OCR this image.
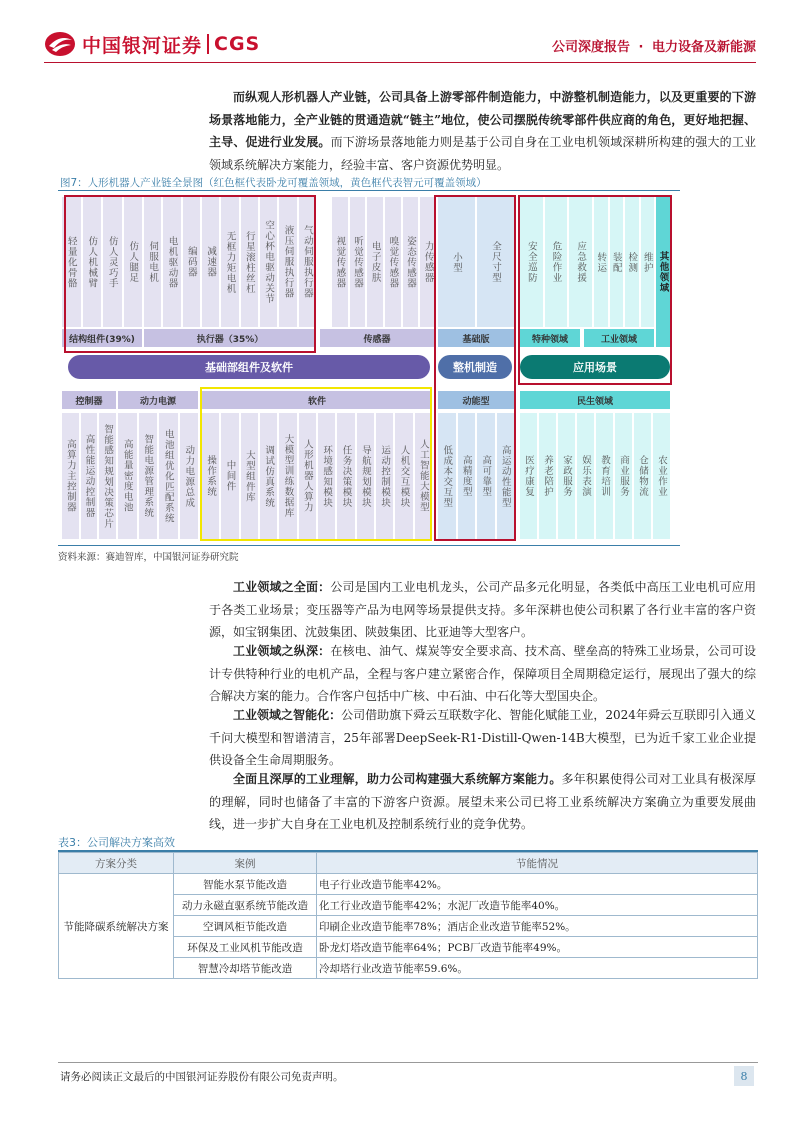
中国银河证券 CGS	公司深度报告 · 电力设备及新能源
而纵观人形机器人产业链，公司具备上游零部件制造能力，中游整机制造能力，以及更重要的下游场景落地能力，全产业链的贯通造就“链主”地位，使公司摆脱传统零部件供应商的角色，更好地把握、主导、促进行业发展。而下游场景落地能力则是基于公司自身在工业电机领域深耕所构建的强大的工业领域系统解决方案能力，经验丰富、客户资源优势明显。
图7：人形机器人产业链全景图（红色框代表卧龙可覆盖领域，黄色框代表智元可覆盖领域）
轻量化骨骼	仿人机械臂	仿人灵巧手	仿人腿足 伺服电机 电机驱动器 编码器 减速器 无框力矩电机 行星滚柱丝杠 空心杯电驱动关节 液压伺服执行器 气动伺服执行器	视觉传感器 听觉传感器 电子皮肤 嗅觉传感器 姿态传感器 力传感器	小型	全尺寸型	安全巡防	危险作业	应急救援 转运 装配 检测 维护 其他领域
结构组件(39%)	执行器（35%）	传感器	基础版	特种领域	工业领域
基础部组件及软件	整机制造	应用场景
控制器	动力电源	软件	动能型	民生领域
高算力主控制器 高性能运动控制器 智能感知规划决策芯片 高能量密度电池	智能电源管理系统	电池组优化匹配系统	动力电源总成	操作系统 中间件 大型组件库 调试仿真系统 大模型训练数据库 人形机器人算力 环境感知模块 任务决策模块 导航规划模块 运动控制模块 人机交互模块 人工智能大模型	低成本交互型 高精度型 高可靠型 高运动性能型	医疗康复 养老陪护 家政服务 娱乐表演 教育培训 商业服务 仓储物流 农业作业
资料来源：赛迪智库，中国银河证券研究院
工业领域之全面：公司是国内工业电机龙头，公司产品多元化明显，各类低中高压工业电机可应用于各类工业场景；变压器等产品为电网等场景提供支持。多年深耕也使公司积累了各行业丰富的客户资源，如宝钢集团、沈鼓集团、陕鼓集团、比亚迪等大型客户。
工业领域之纵深：在核电、油气、煤炭等安全要求高、技术高、壁垒高的特殊工业场景，公司可设计专供特种行业的电机产品，全程与客户建立紧密合作，保障项目全周期稳定运行，展现出了强大的综合解决方案的能力。合作客户包括中广核、中石油、中石化等大型国央企。
工业领域之智能化：公司借助旗下舜云互联数字化、智能化赋能工业，2024年舜云互联即引入通义千问大模型和智谱清言，25年部署DeepSeek-R1-Distill-Qwen-14B大模型，已为近千家工业企业提供设备全生命周期服务。
全面且深厚的工业理解，助力公司构建强大系统解方案能力。多年积累使得公司对工业具有极深厚的理解，同时也储备了丰富的下游客户资源。展望未来公司已将工业系统解决方案确立为重要发展曲线，进一步扩大自身在工业电机及控制系统行业的竞争优势。
表3：公司解决方案高效
方案分类	案例	节能情况
节能降碳系统解决方案	智能水泵节能改造	电子行业改造节能率42%。
	动力永磁直驱系统节能改造	化工行业改造节能率42%；水泥厂改造节能率40%。
	空调风柜节能改造	印刷企业改造节能率78%；酒店企业改造节能率52%。
	环保及工业风机节能改造	卧龙灯塔改造节能率64%；PCB厂改造节能率49%。
	智慧冷却塔节能改造	冷却塔行业改造节能率59.6%。
请务必阅读正文最后的中国银河证券股份有限公司免责声明。	8
